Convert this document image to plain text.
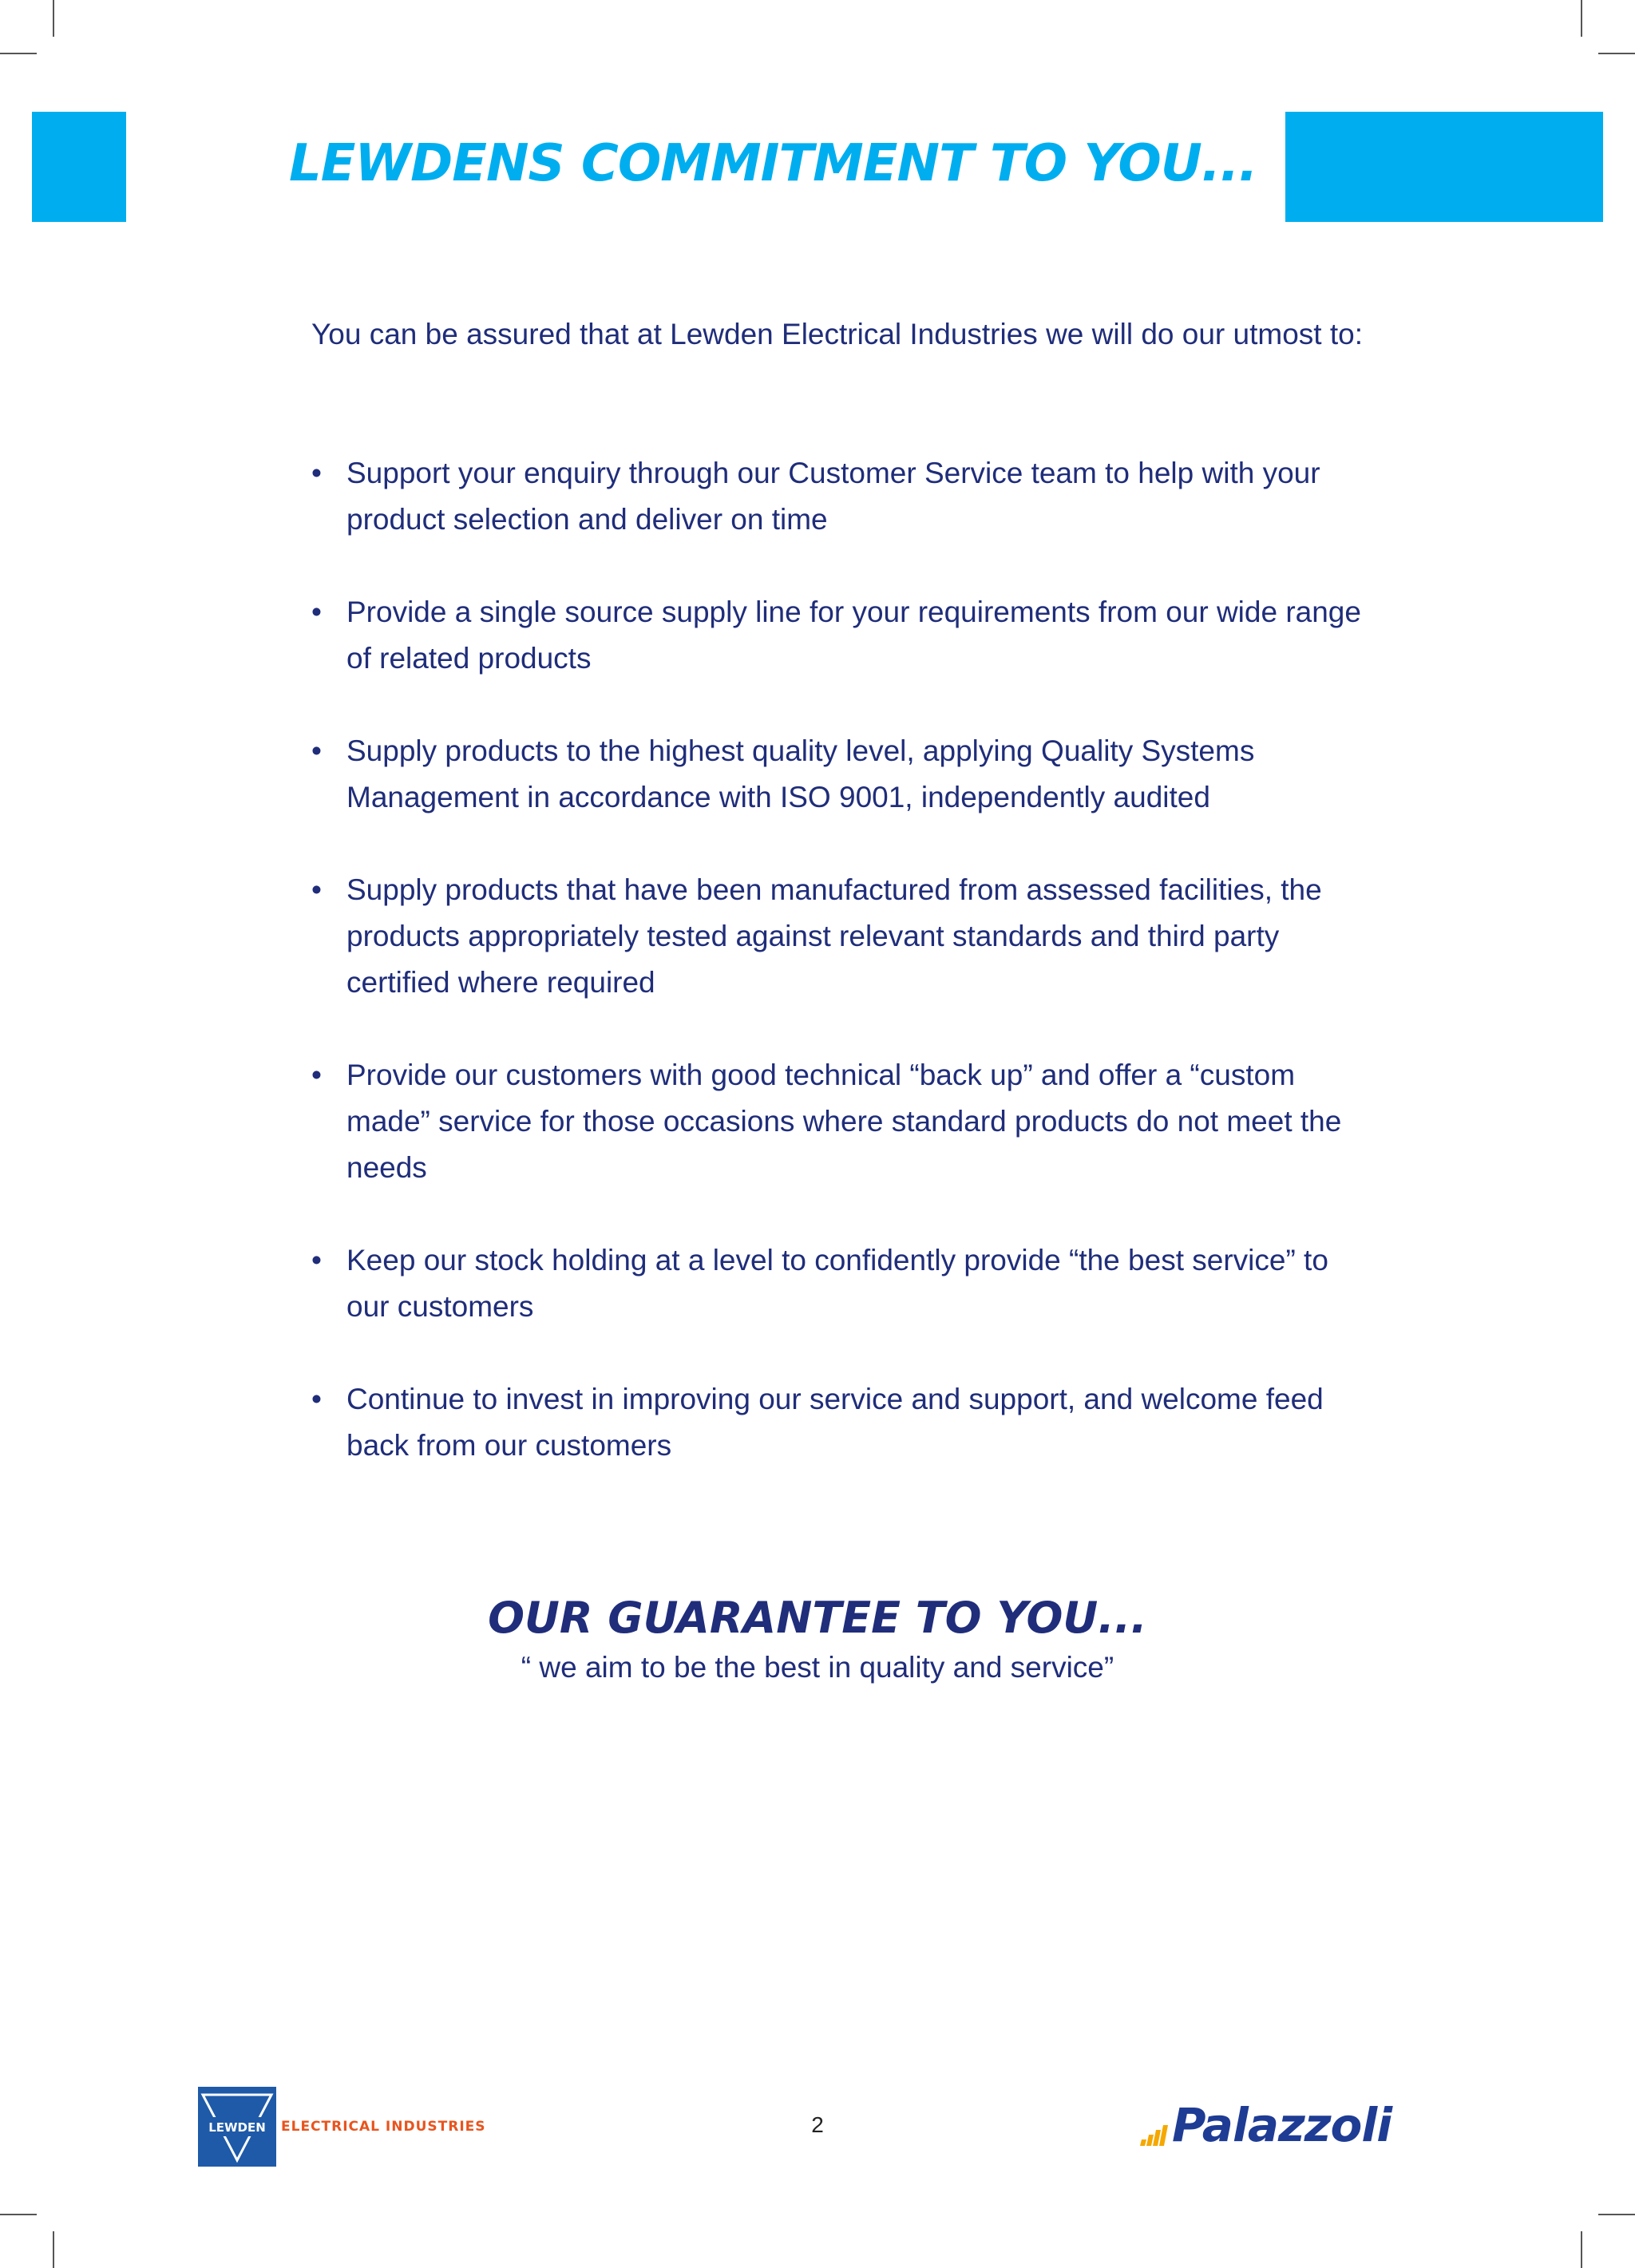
LEWDENS COMMITMENT TO YOU...
You can be assured that at Lewden Electrical Industries we will do our utmost to:
• Support your enquiry through our Customer Service team to help with your product selection and deliver on time
• Provide a single source supply line for your requirements from our wide range of related products
• Supply products to the highest quality level, applying Quality Systems Management in accordance with ISO 9001, independently audited
• Supply products that have been manufactured from assessed facilities, the products appropriately tested against relevant standards and third party certified where required
• Provide our customers with good technical “back up” and offer a “custom made” service for those occasions where standard products do not meet the needs
• Keep our stock holding at a level to confidently provide “the best service” to our customers
• Continue to invest in improving our service and support, and welcome feed back from our customers
OUR GUARANTEE TO YOU...
“ we aim to be the best in quality and service”
LEWDEN ELECTRICAL INDUSTRIES	2	Palazzoli
